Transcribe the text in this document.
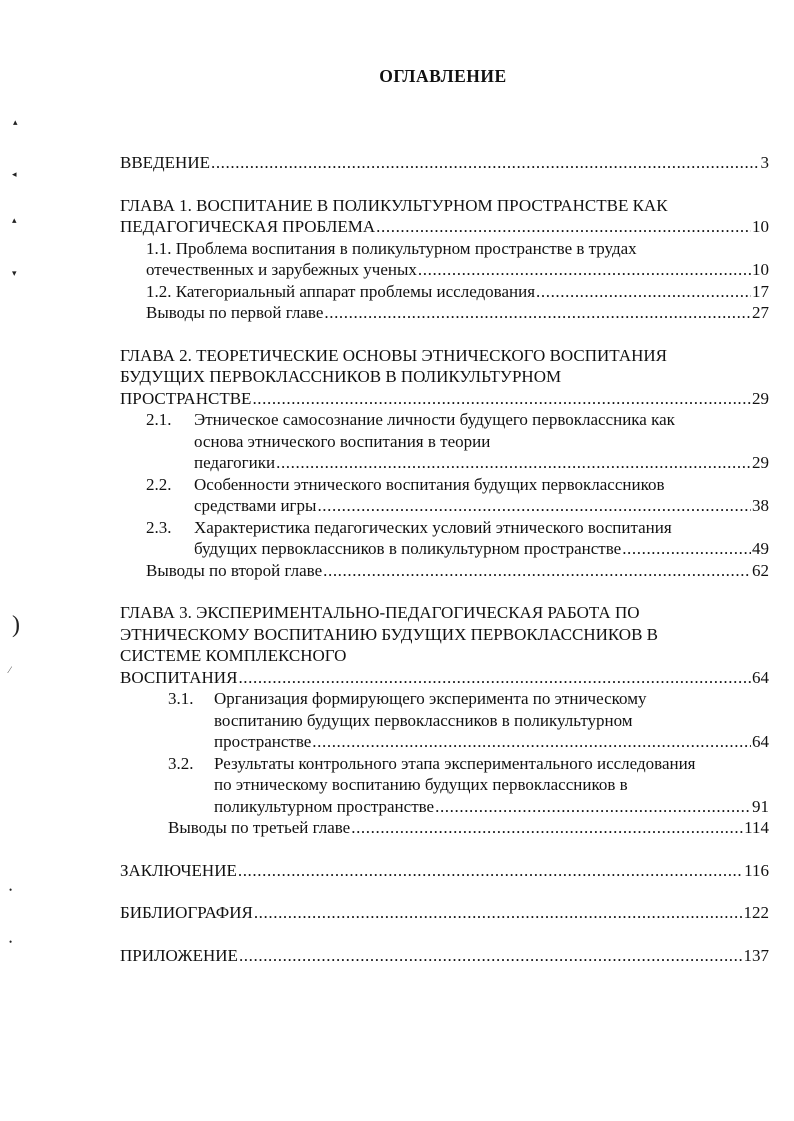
▴
◂
▴
▾
)
⁄
•
•
ОГЛАВЛЕНИЕ
ВВЕДЕНИЕ .....	3
ГЛАВА 1. ВОСПИТАНИЕ В ПОЛИКУЛЬТУРНОМ ПРОСТРАНСТВЕ КАК
ПЕДАГОГИЧЕСКАЯ ПРОБЛЕМА .....	10
1.1. Проблема воспитания в поликультурном пространстве в трудах
отечественных и зарубежных ученых .....	10
1.2. Категориальный аппарат проблемы исследования .....	17
Выводы по первой главе .....	27
ГЛАВА 2. ТЕОРЕТИЧЕСКИЕ ОСНОВЫ ЭТНИЧЕСКОГО ВОСПИТАНИЯ
БУДУЩИХ ПЕРВОКЛАССНИКОВ В ПОЛИКУЛЬТУРНОМ
ПРОСТРАНСТВЕ .....	29
2.1. Этническое самосознание личности будущего первоклассника как
основа этнического воспитания в теории
педагогики .....	29
2.2. Особенности этнического воспитания будущих первоклассников
средствами игры .....	38
2.3. Характеристика педагогических условий этнического воспитания
будущих первоклассников в поликультурном пространстве .....	49
Выводы по второй главе .....	62
ГЛАВА 3. ЭКСПЕРИМЕНТАЛЬНО-ПЕДАГОГИЧЕСКАЯ РАБОТА ПО
ЭТНИЧЕСКОМУ ВОСПИТАНИЮ БУДУЩИХ ПЕРВОКЛАССНИКОВ В
СИСТЕМЕ КОМПЛЕКСНОГО
ВОСПИТАНИЯ .....	64
3.1. Организация формирующего эксперимента по этническому
воспитанию будущих первоклассников в поликультурном
пространстве .....	64
3.2. Результаты контрольного этапа экспериментального исследования
по этническому воспитанию будущих первоклассников в
поликультурном пространстве .....	91
Выводы по третьей главе .....	114
ЗАКЛЮЧЕНИЕ .....	116
БИБЛИОГРАФИЯ .....	122
ПРИЛОЖЕНИЕ .....	137
